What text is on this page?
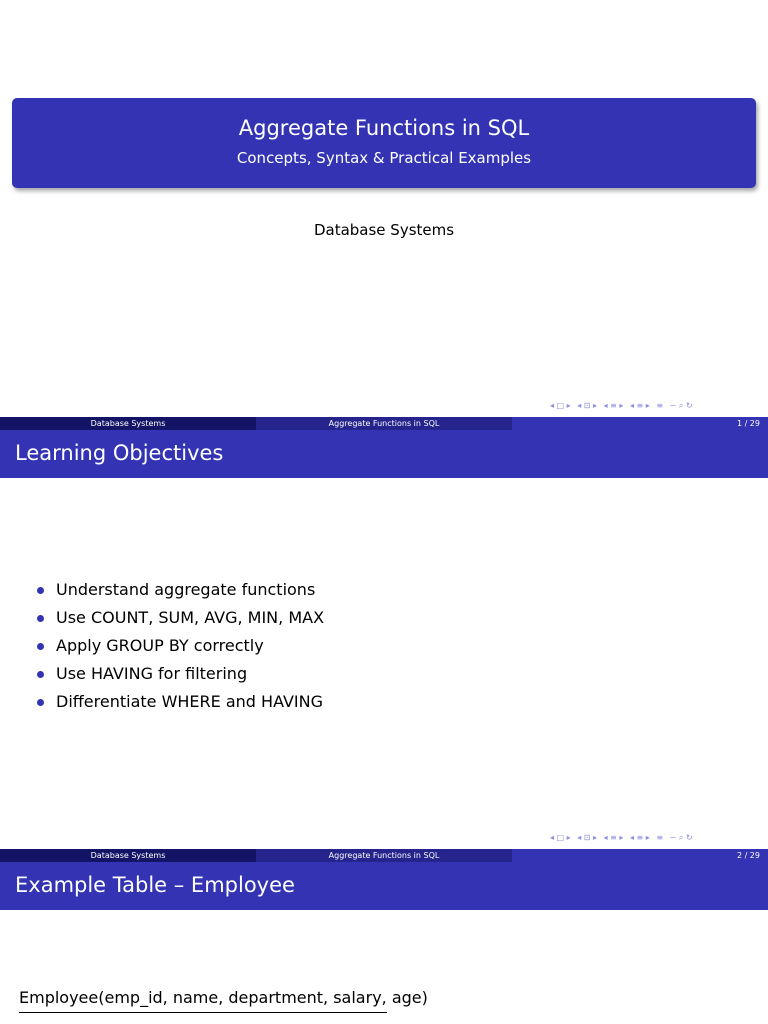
Aggregate Functions in SQL
Concepts, Syntax & Practical Examples
Database Systems
◂ □ ▸ ◂ ⊡ ▸ ◂ ≡ ▸ ◂ ≡ ▸ ≡ ∽ ⌕ ↻
Database Systems	Aggregate Functions in SQL	1 / 29
Learning Objectives
Understand aggregate functions
Use COUNT, SUM, AVG, MIN, MAX
Apply GROUP BY correctly
Use HAVING for filtering
Differentiate WHERE and HAVING
◂ □ ▸ ◂ ⊡ ▸ ◂ ≡ ▸ ◂ ≡ ▸ ≡ ∽ ⌕ ↻
Database Systems	Aggregate Functions in SQL	2 / 29
Example Table – Employee
Employee(emp_id, name, department, salary, age)
